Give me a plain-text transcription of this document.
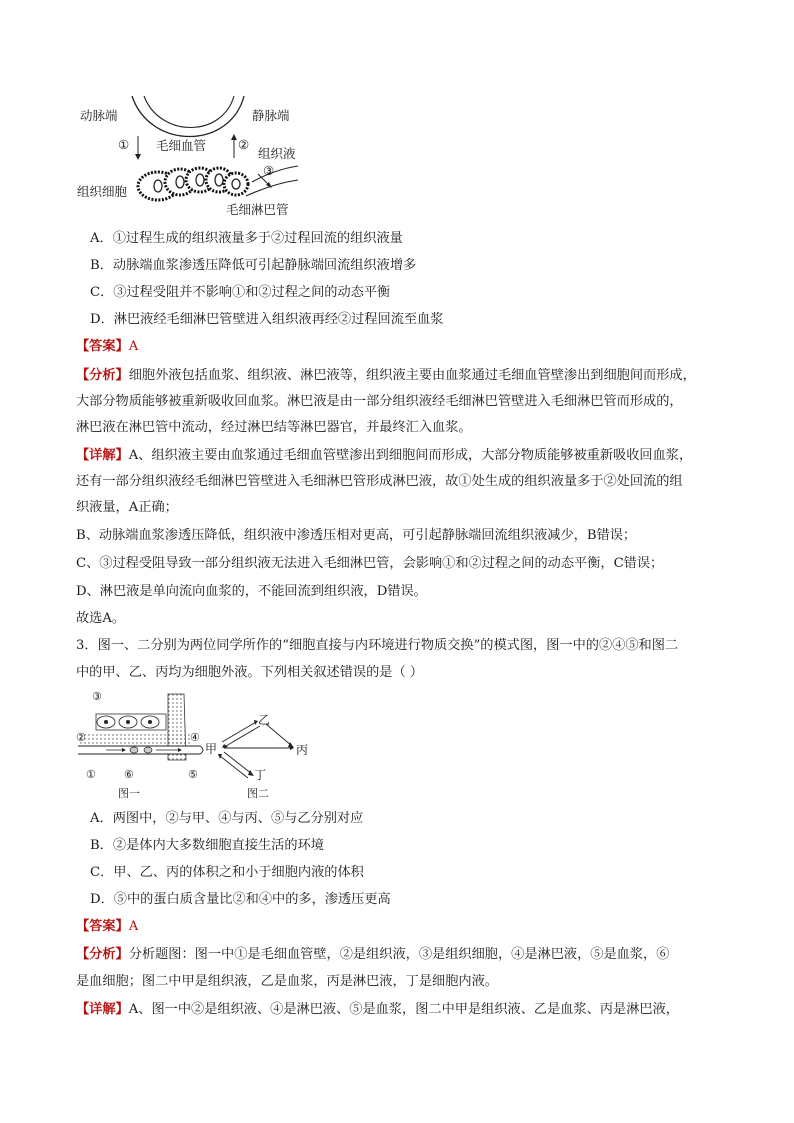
动脉端	静脉端
毛细血管
①	②
组织液
③
组织细胞
毛细淋巴管
A．①过程生成的组织液量多于②过程回流的组织液量
B．动脉端血浆渗透压降低可引起静脉端回流组织液增多
C．③过程受阻并不影响①和②过程之间的动态平衡
D．淋巴液经毛细淋巴管壁进入组织液再经②过程回流至血浆
【答案】A
【分析】细胞外液包括血浆、组织液、淋巴液等，组织液主要由血浆通过毛细血管壁渗出到细胞间而形成，
大部分物质能够被重新吸收回血浆。淋巴液是由一部分组织液经毛细淋巴管壁进入毛细淋巴管而形成的，
淋巴液在淋巴管中流动，经过淋巴结等淋巴器官，并最终汇入血浆。
【详解】A、组织液主要由血浆通过毛细血管壁渗出到细胞间而形成，大部分物质能够被重新吸收回血浆，
还有一部分组织液经毛细淋巴管壁进入毛细淋巴管形成淋巴液，故①处生成的组织液量多于②处回流的组
织液量，A正确；
B、动脉端血浆渗透压降低，组织液中渗透压相对更高，可引起静脉端回流组织液减少，B错误；
C、③过程受阻导致一部分组织液无法进入毛细淋巴管，会影响①和②过程之间的动态平衡，C错误；
D、淋巴液是单向流向血浆的，不能回流到组织液，D错误。
故选A。
3．图一、二分别为两位同学所作的“细胞直接与内环境进行物质交换”的模式图，图一中的②④⑤和图二
中的甲、乙、丙均为细胞外液。下列相关叙述错误的是（ ）
③
②	④
①	⑥	⑤
图一
乙
甲	丙
丁
图二
A．两图中，②与甲、④与丙、⑤与乙分别对应
B．②是体内大多数细胞直接生活的环境
C．甲、乙、丙的体积之和小于细胞内液的体积
D．⑤中的蛋白质含量比②和④中的多，渗透压更高
【答案】A
【分析】分析题图：图一中①是毛细血管壁，②是组织液，③是组织细胞，④是淋巴液，⑤是血浆，⑥
是血细胞；图二中甲是组织液，乙是血浆，丙是淋巴液，丁是细胞内液。
【详解】A、图一中②是组织液、④是淋巴液、⑤是血浆，图二中甲是组织液、乙是血浆、丙是淋巴液，
